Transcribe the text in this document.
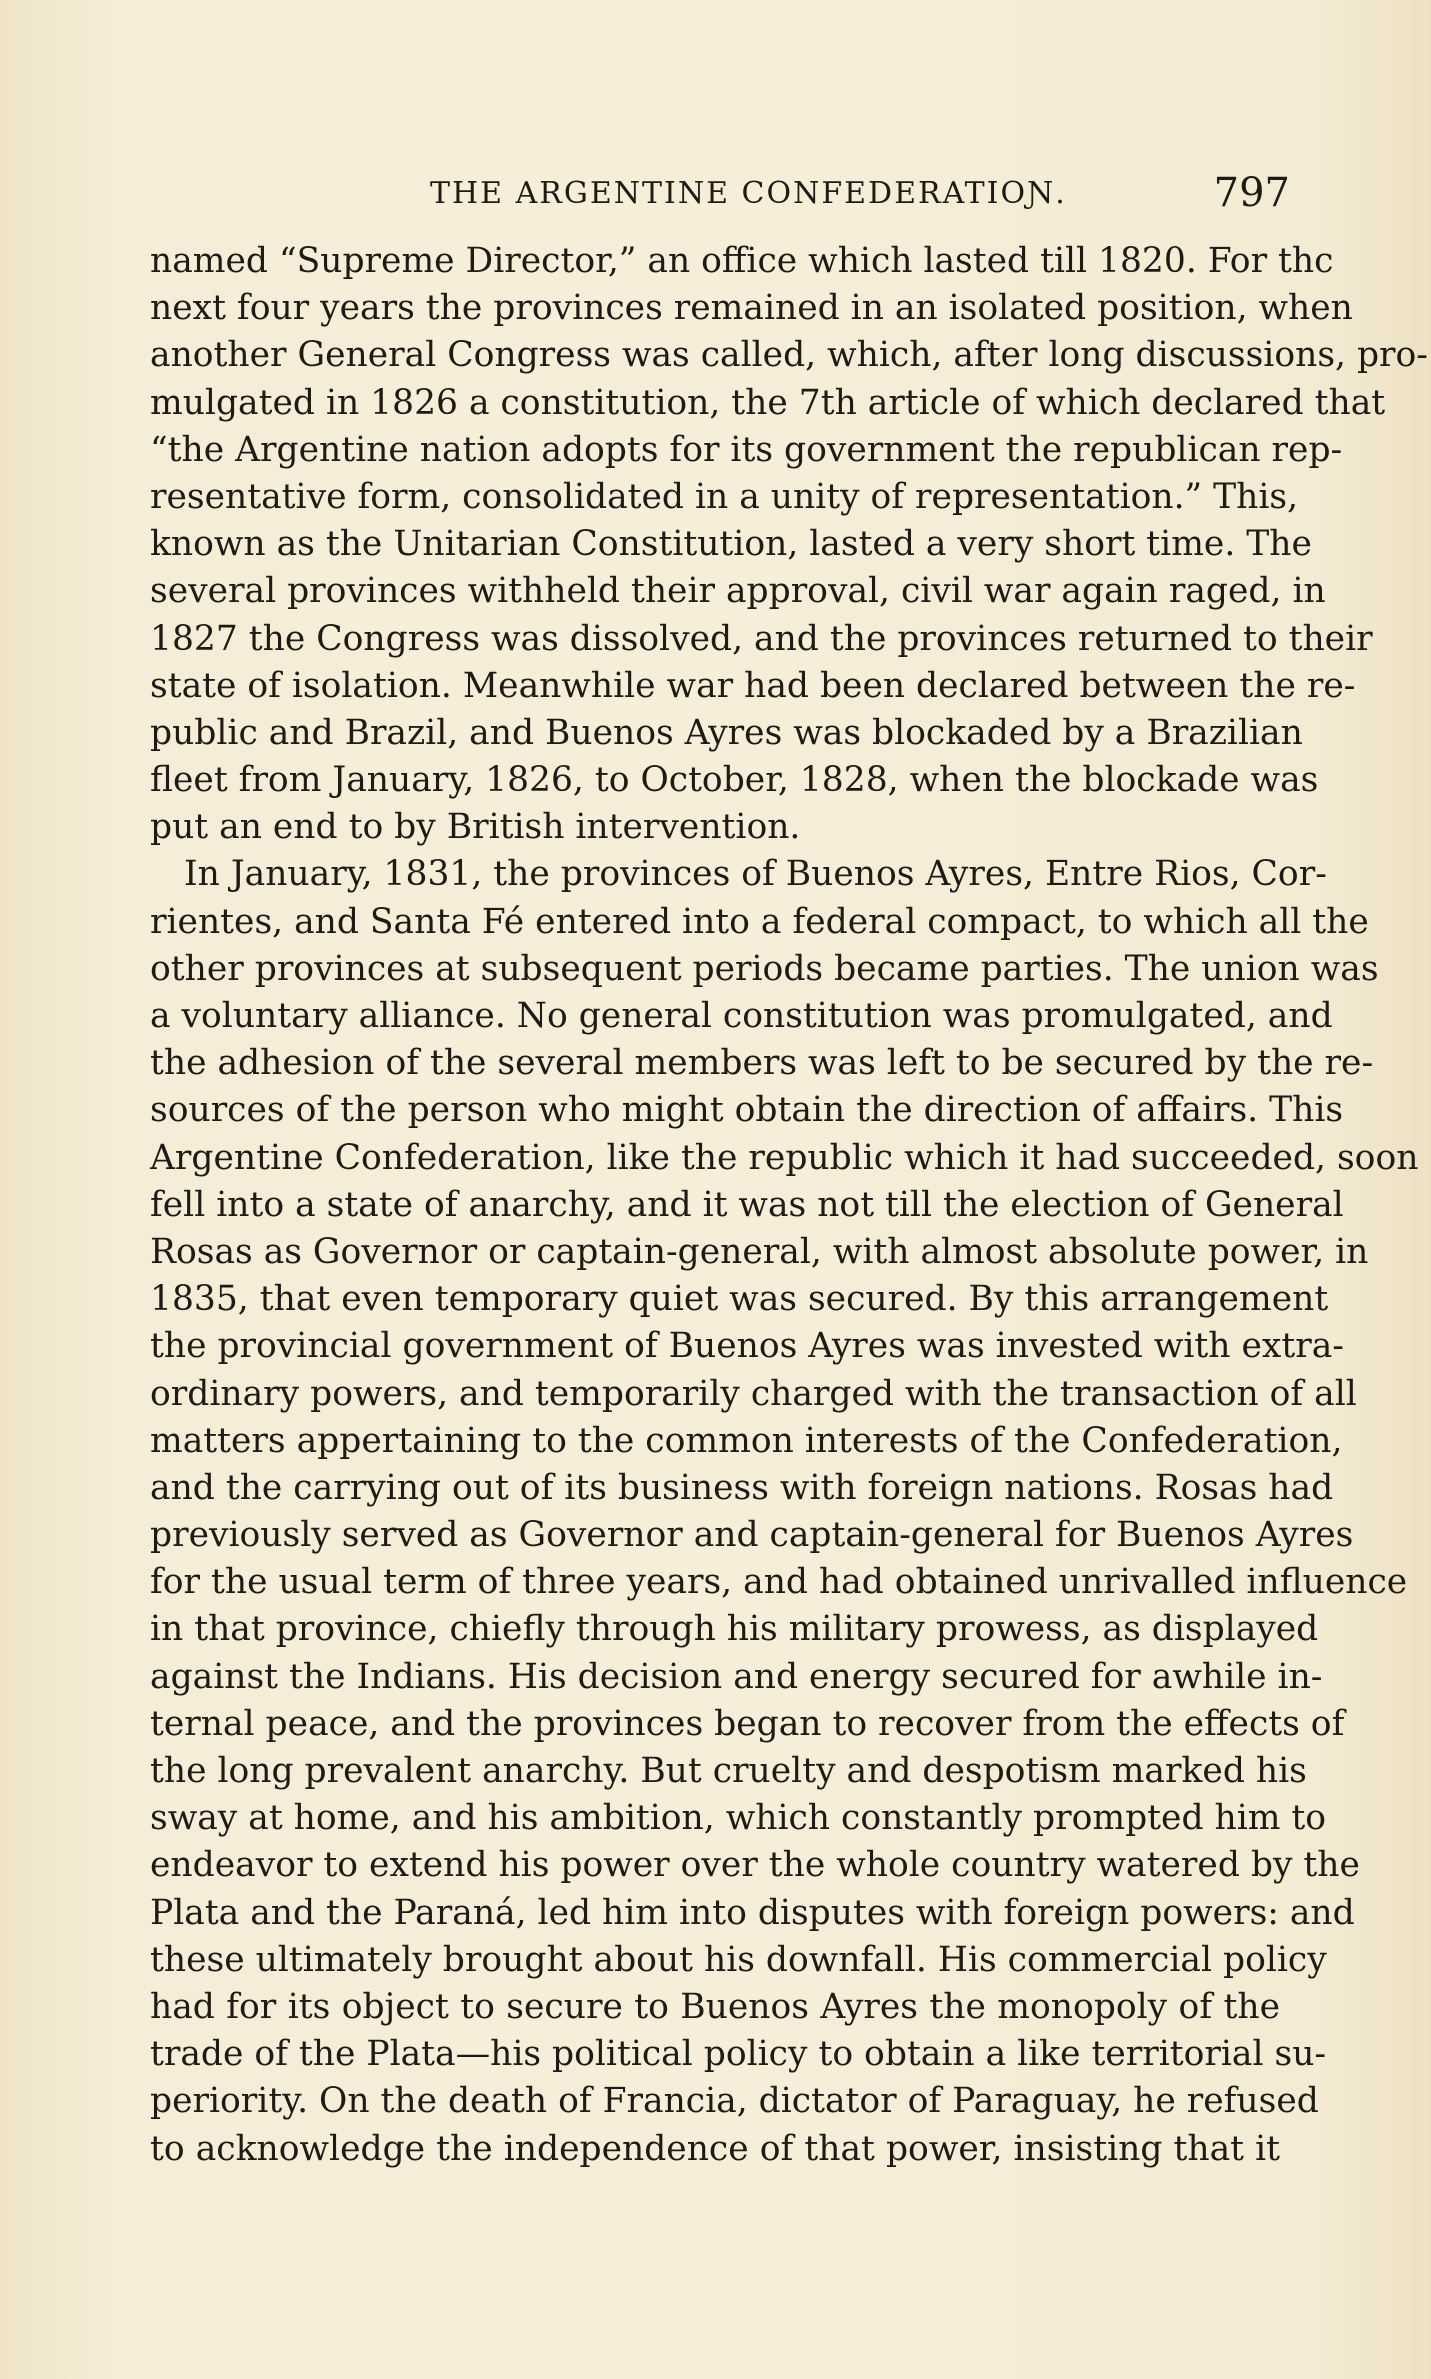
THE ARGENTINE CONFEDERATIOƝ.	797
named “Supreme Director,” an office which lasted till 1820. For thc
next four years the provinces remained in an isolated position, when
another General Congress was called, which, after long discussions, pro-
mulgated in 1826 a constitution, the 7th article of which declared that
“the Argentine nation adopts for its government the republican rep-
resentative form, consolidated in a unity of representation.” This,
known as the Unitarian Constitution, lasted a very short time. The
several provinces withheld their approval, civil war again raged, in
1827 the Congress was dissolved, and the provinces returned to their
state of isolation. Meanwhile war had been declared between the re-
public and Brazil, and Buenos Ayres was blockaded by a Brazilian
fleet from January, 1826, to October, 1828, when the blockade was
put an end to by British intervention.
In January, 1831, the provinces of Buenos Ayres, Entre Rios, Cor-
rientes, and Santa Fé entered into a federal compact, to which all the
other provinces at subsequent periods became parties. The union was
a voluntary alliance. No general constitution was promulgated, and
the adhesion of the several members was left to be secured by the re-
sources of the person who might obtain the direction of affairs. This
Argentine Confederation, like the republic which it had succeeded, soon
fell into a state of anarchy, and it was not till the election of General
Rosas as Governor or captain-general, with almost absolute power, in
1835, that even temporary quiet was secured. By this arrangement
the provincial government of Buenos Ayres was invested with extra-
ordinary powers, and temporarily charged with the transaction of all
matters appertaining to the common interests of the Confederation,
and the carrying out of its business with foreign nations. Rosas had
previously served as Governor and captain-general for Buenos Ayres
for the usual term of three years, and had obtained unrivalled influence
in that province, chiefly through his military prowess, as displayed
against the Indians. His decision and energy secured for awhile in-
ternal peace, and the provinces began to recover from the effects of
the long prevalent anarchy. But cruelty and despotism marked his
sway at home, and his ambition, which constantly prompted him to
endeavor to extend his power over the whole country watered by the
Plata and the Paraná, led him into disputes with foreign powers: and
these ultimately brought about his downfall. His commercial policy
had for its object to secure to Buenos Ayres the monopoly of the
trade of the Plata—his political policy to obtain a like territorial su-
periority. On the death of Francia, dictator of Paraguay, he refused
to acknowledge the independence of that power, insisting that it
